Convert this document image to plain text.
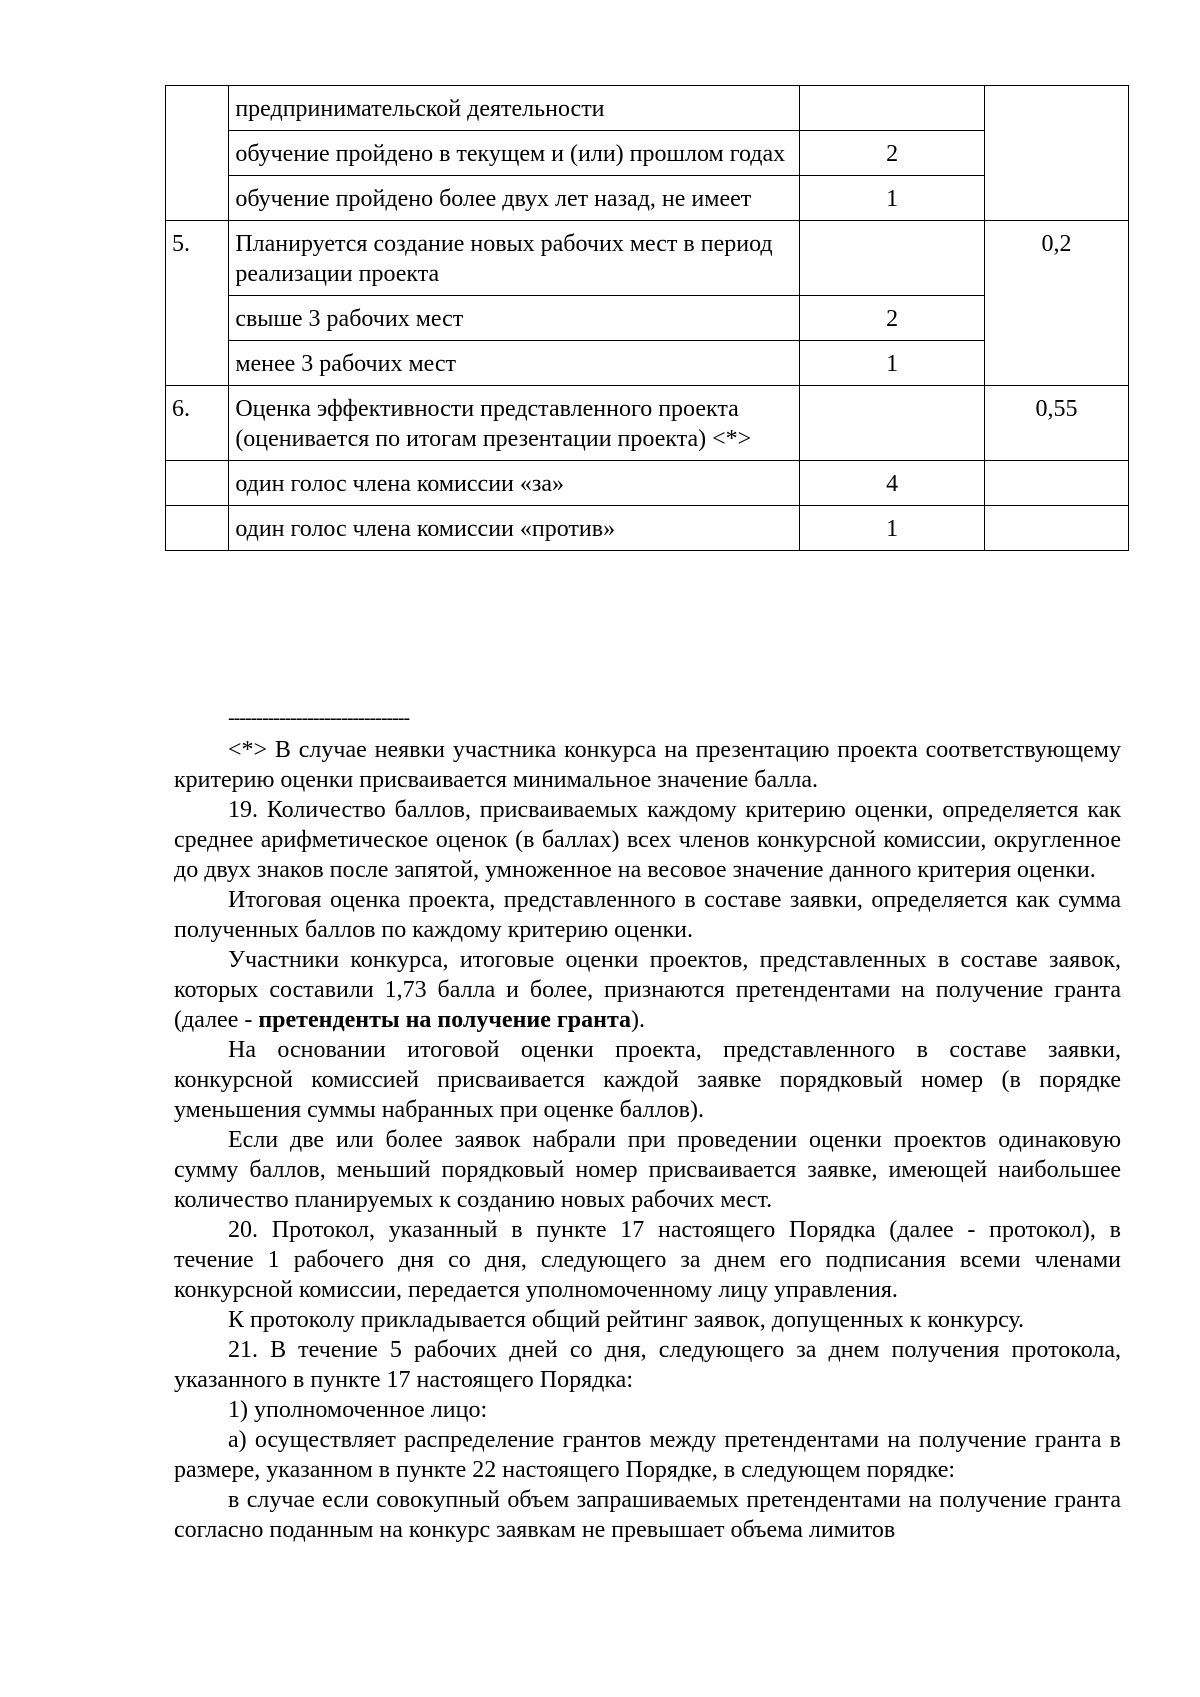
	предпринимательской деятельности		
	обучение пройдено в текущем и (или) прошлом годах	2	
	обучение пройдено более двух лет назад, не имеет	1	
5.	Планируется создание новых рабочих мест в период реализации проекта		0,2
	свыше 3 рабочих мест	2	
	менее 3 рабочих мест	1	
6.	Оценка эффективности представленного проекта (оценивается по итогам презентации проекта) <*>		0,55
	один голос члена комиссии «за»	4	
	один голос члена комиссии «против»	1	
--------------------------------

<*> В случае неявки участника конкурса на презентацию проекта соответствующему критерию оценки присваивается минимальное значение балла.

19. Количество баллов, присваиваемых каждому критерию оценки, определяется как среднее арифметическое оценок (в баллах) всех членов конкурсной комиссии, округленное до двух знаков после запятой, умноженное на весовое значение данного критерия оценки.

Итоговая оценка проекта, представленного в составе заявки, определяется как сумма полученных баллов по каждому критерию оценки.

Участники конкурса, итоговые оценки проектов, представленных в составе заявок, которых составили 1,73 балла и более, признаются претендентами на получение гранта (далее - претенденты на получение гранта).

На основании итоговой оценки проекта, представленного в составе заявки, конкурсной комиссией присваивается каждой заявке порядковый номер (в порядке уменьшения суммы набранных при оценке баллов).

Если две или более заявок набрали при проведении оценки проектов одинаковую сумму баллов, меньший порядковый номер присваивается заявке, имеющей наибольшее количество планируемых к созданию новых рабочих мест.

20. Протокол, указанный в пункте 17 настоящего Порядка (далее - протокол), в течение 1 рабочего дня со дня, следующего за днем его подписания всеми членами конкурсной комиссии, передается уполномоченному лицу управления.

К протоколу прикладывается общий рейтинг заявок, допущенных к конкурсу.

21. В течение 5 рабочих дней со дня, следующего за днем получения протокола, указанного в пункте 17 настоящего Порядка:

1) уполномоченное лицо:

а) осуществляет распределение грантов между претендентами на получение гранта в размере, указанном в пункте 22 настоящего Порядке, в следующем порядке:

в случае если совокупный объем запрашиваемых претендентами на получение гранта согласно поданным на конкурс заявкам не превышает объема лимитов
